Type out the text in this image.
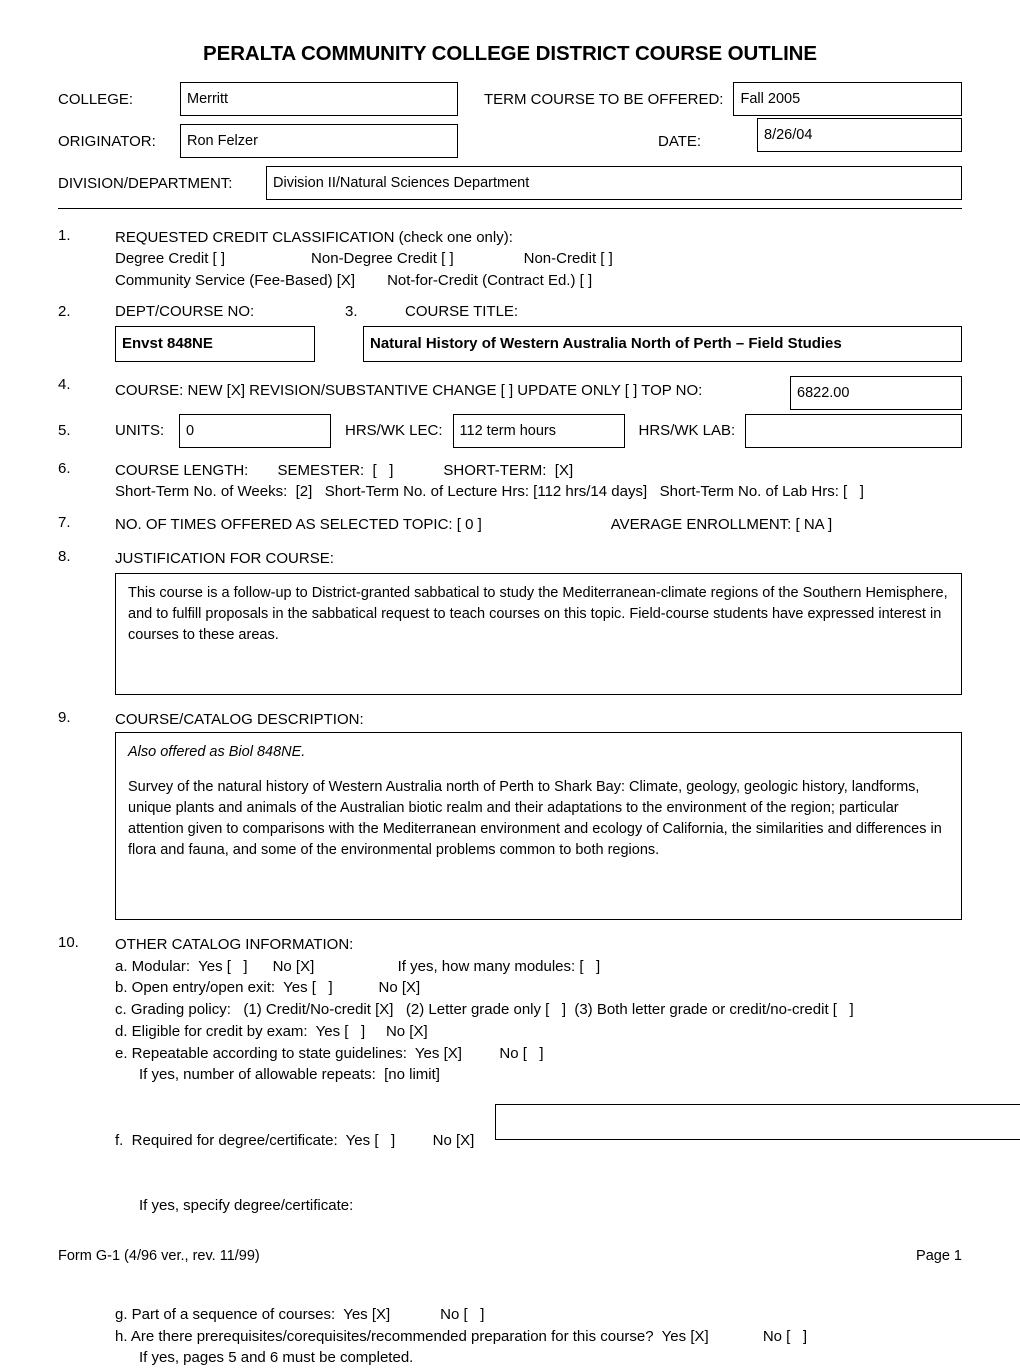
PERALTA COMMUNITY COLLEGE DISTRICT COURSE OUTLINE
COLLEGE:	Merritt	TERM COURSE TO BE OFFERED:	Fall 2005
ORIGINATOR:	Ron Felzer	DATE:	8/26/04
DIVISION/DEPARTMENT:	Division II/Natural Sciences Department
1.	REQUESTED CREDIT CLASSIFICATION (check one only):
Degree Credit [ ]	Non-Degree Credit [ ]	Non-Credit [ ]
Community Service (Fee-Based) [X] Not-for-Credit (Contract Ed.) [ ]
2.	DEPT/COURSE NO:	3.	COURSE TITLE:
Envst 848NE	Natural History of Western Australia North of Perth – Field Studies
4.	COURSE: NEW [X] REVISION/SUBSTANTIVE CHANGE [ ] UPDATE ONLY [ ] TOP NO:	6822.00
5.	UNITS:	0	HRS/WK LEC:	112 term hours	HRS/WK LAB:
6.	COURSE LENGTH:       SEMESTER:  [   ]            SHORT-TERM:  [X]
Short-Term No. of Weeks:  [2]   Short-Term No. of Lecture Hrs: [112 hrs/14 days]   Short-Term No. of Lab Hrs: [   ]
7.	NO. OF TIMES OFFERED AS SELECTED TOPIC: [ 0 ]	AVERAGE ENROLLMENT: [ NA ]
8.	JUSTIFICATION FOR COURSE:
This course is a follow-up to District-granted sabbatical to study the Mediterranean-climate regions of the Southern Hemisphere, and to fulfill proposals in the sabbatical request to teach courses on this topic. Field-course students have expressed interest in courses to these areas.
9.	COURSE/CATALOG DESCRIPTION:
Also offered as Biol 848NE.
Survey of the natural history of Western Australia north of Perth to Shark Bay: Climate, geology, geologic history, landforms, unique plants and animals of the Australian biotic realm and their adaptations to the environment of the region; particular attention given to comparisons with the Mediterranean environment and ecology of California, the similarities and differences in flora and fauna, and some of the environmental problems common to both regions.
10.	OTHER CATALOG INFORMATION:
a. Modular:  Yes [   ]      No [X]                    If yes, how many modules: [   ]
b. Open entry/open exit:  Yes [   ]           No [X]
c. Grading policy:   (1) Credit/No-credit [X]   (2) Letter grade only [   ]  (3) Both letter grade or credit/no-credit [   ]
d. Eligible for credit by exam:  Yes [   ]     No [X]
e. Repeatable according to state guidelines:  Yes [X]         No [   ]
If yes, number of allowable repeats:  [no limit]

f.  Required for degree/certificate:  Yes [   ]         No [X]

If yes, specify degree/certificate:

g. Part of a sequence of courses:  Yes [X]            No [   ]
h. Are there prerequisites/corequisites/recommended preparation for this course?  Yes [X]             No [   ]
If yes, pages 5 and 6 must be completed.
Form G-1 (4/96 ver., rev. 11/99)	Page 1
